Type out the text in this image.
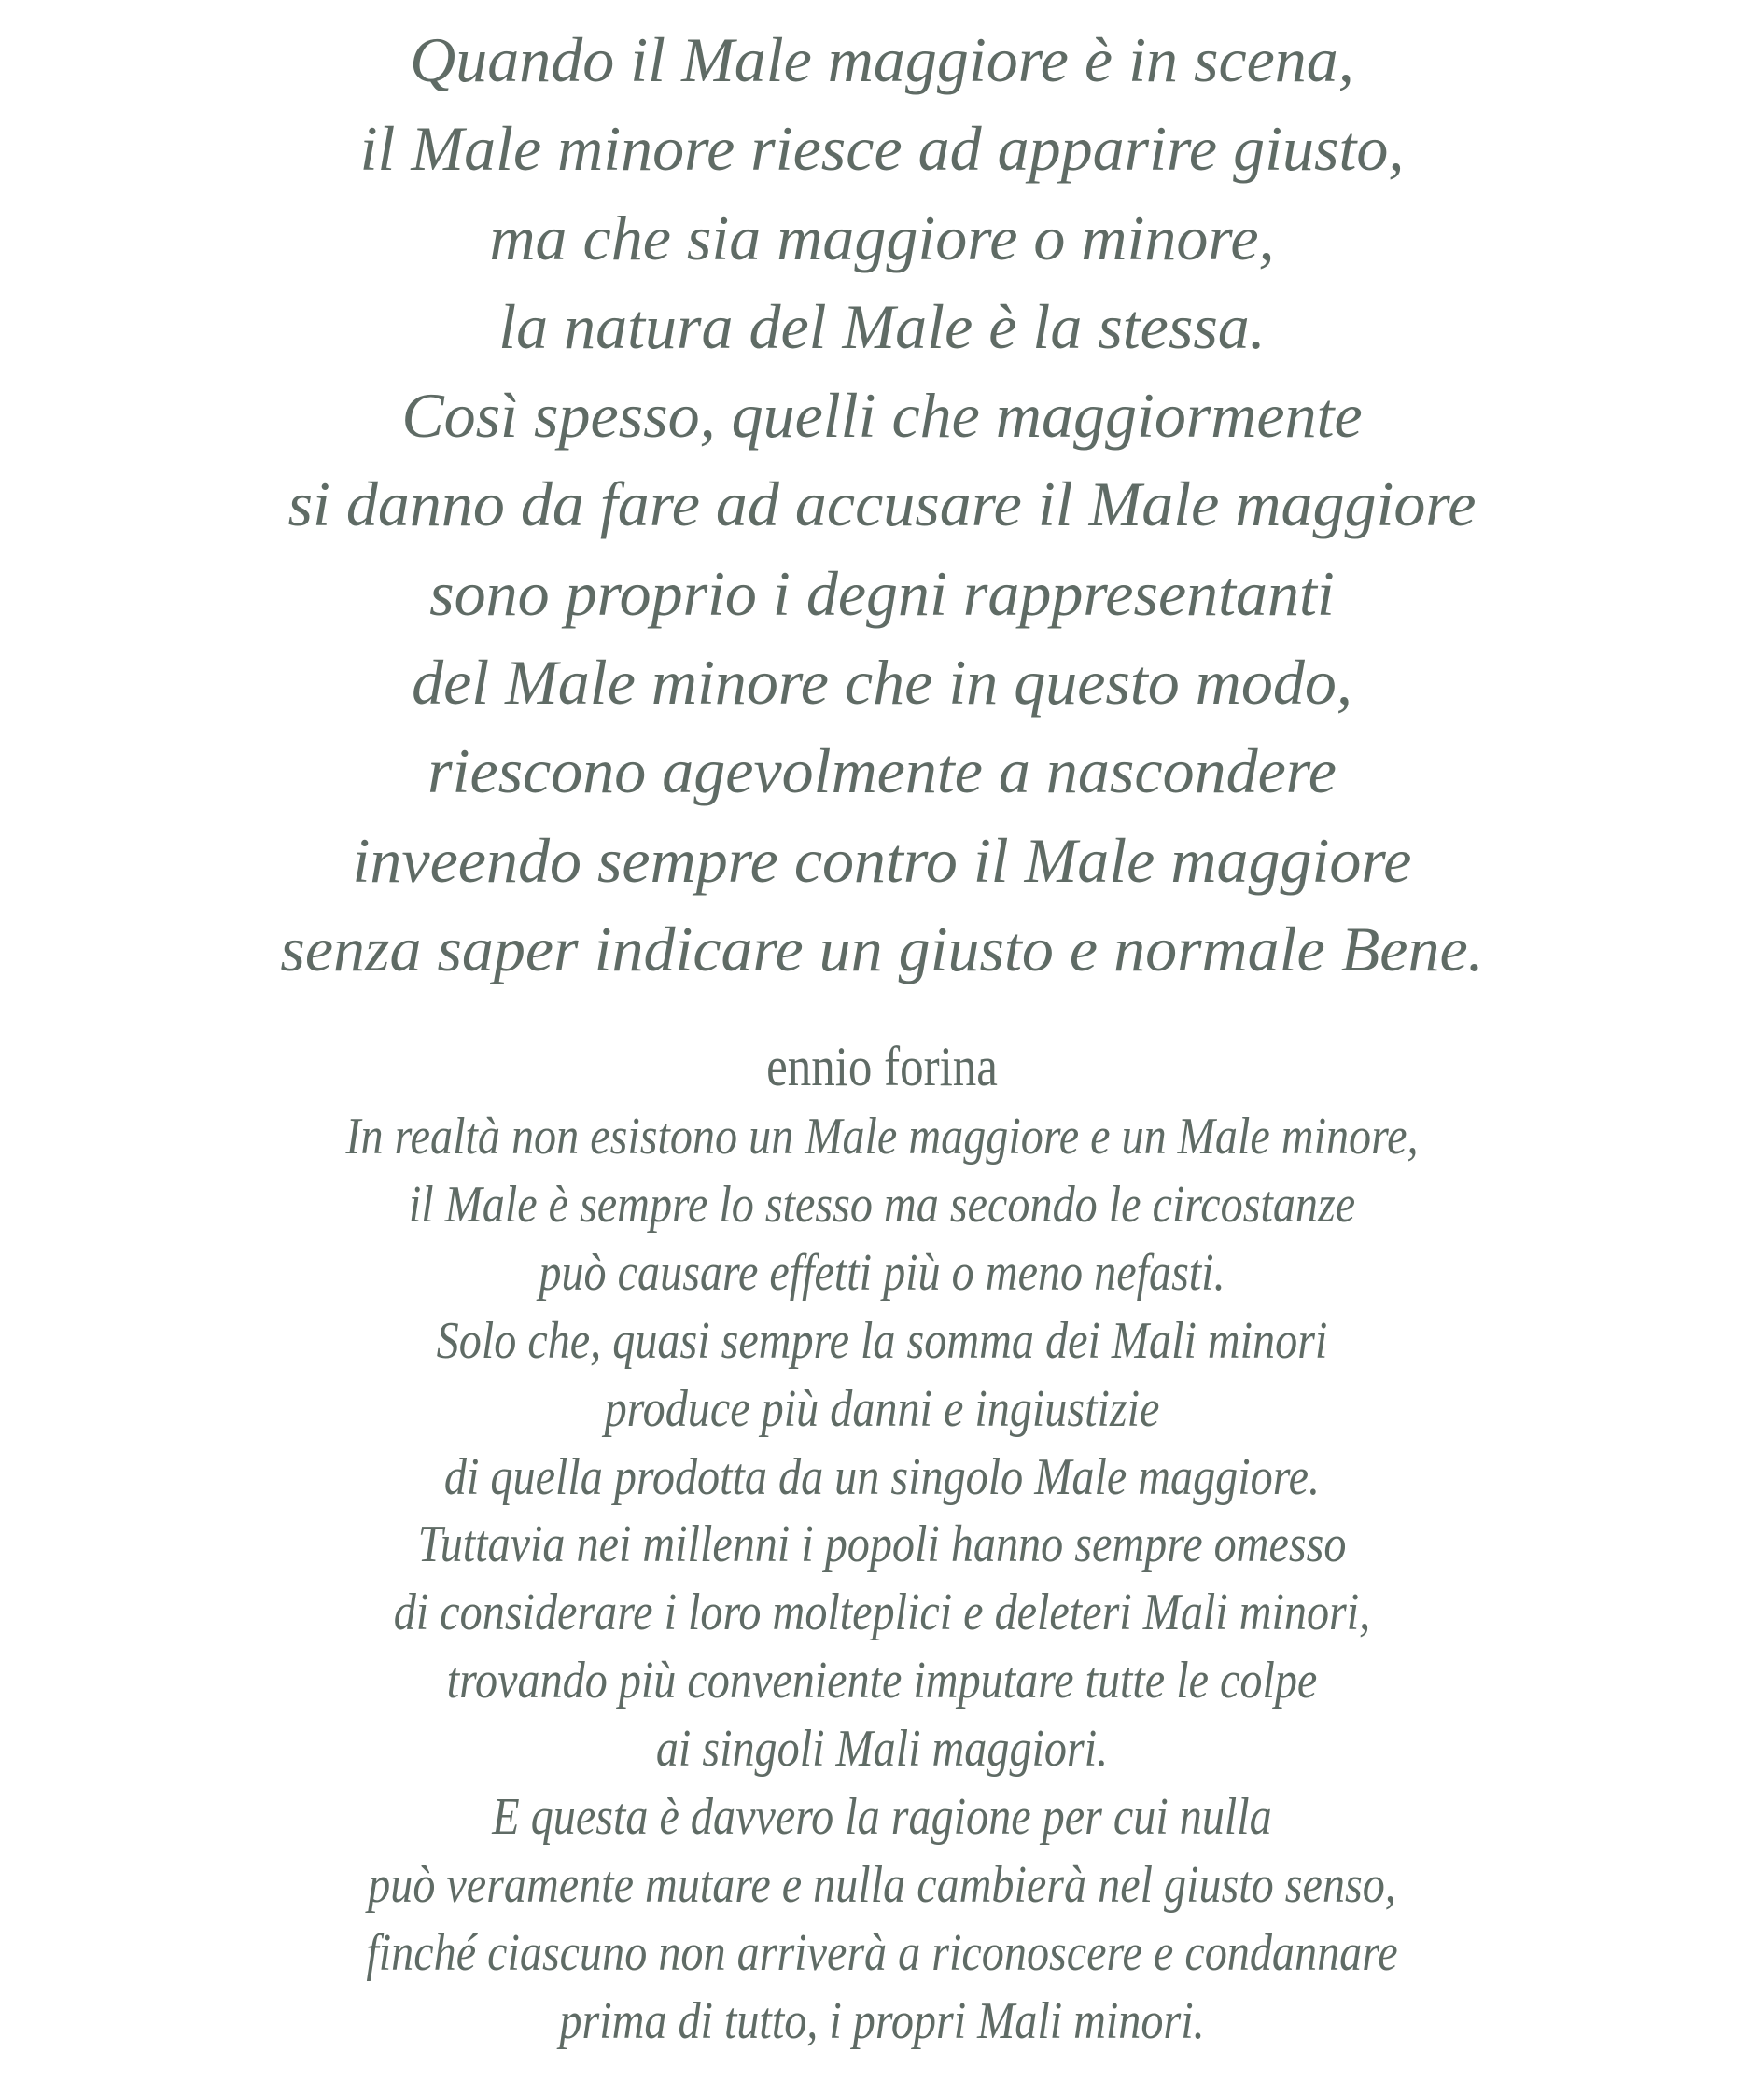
Quando il Male maggiore è in scena,
il Male minore riesce ad apparire giusto,
ma che sia maggiore o minore,
la natura del Male è la stessa.
Così spesso, quelli che maggiormente
si danno da fare ad accusare il Male maggiore
sono proprio i degni rappresentanti
del Male minore che in questo modo,
riescono agevolmente a nascondere
inveendo sempre contro il Male maggiore
senza saper indicare un giusto e normale Bene.
ennio forina
In realtà non esistono un Male maggiore e un Male minore,
il Male è sempre lo stesso ma secondo le circostanze
può causare effetti più o meno nefasti.
Solo che, quasi sempre la somma dei Mali minori
produce più danni e ingiustizie
di quella prodotta da un singolo Male maggiore.
Tuttavia nei millenni i popoli hanno sempre omesso
di considerare i loro molteplici e deleteri Mali minori,
trovando più conveniente imputare tutte le colpe
ai singoli Mali maggiori.
E questa è davvero la ragione per cui nulla
può veramente mutare e nulla cambierà nel giusto senso,
finché ciascuno non arriverà a riconoscere e condannare
prima di tutto, i propri Mali minori.
